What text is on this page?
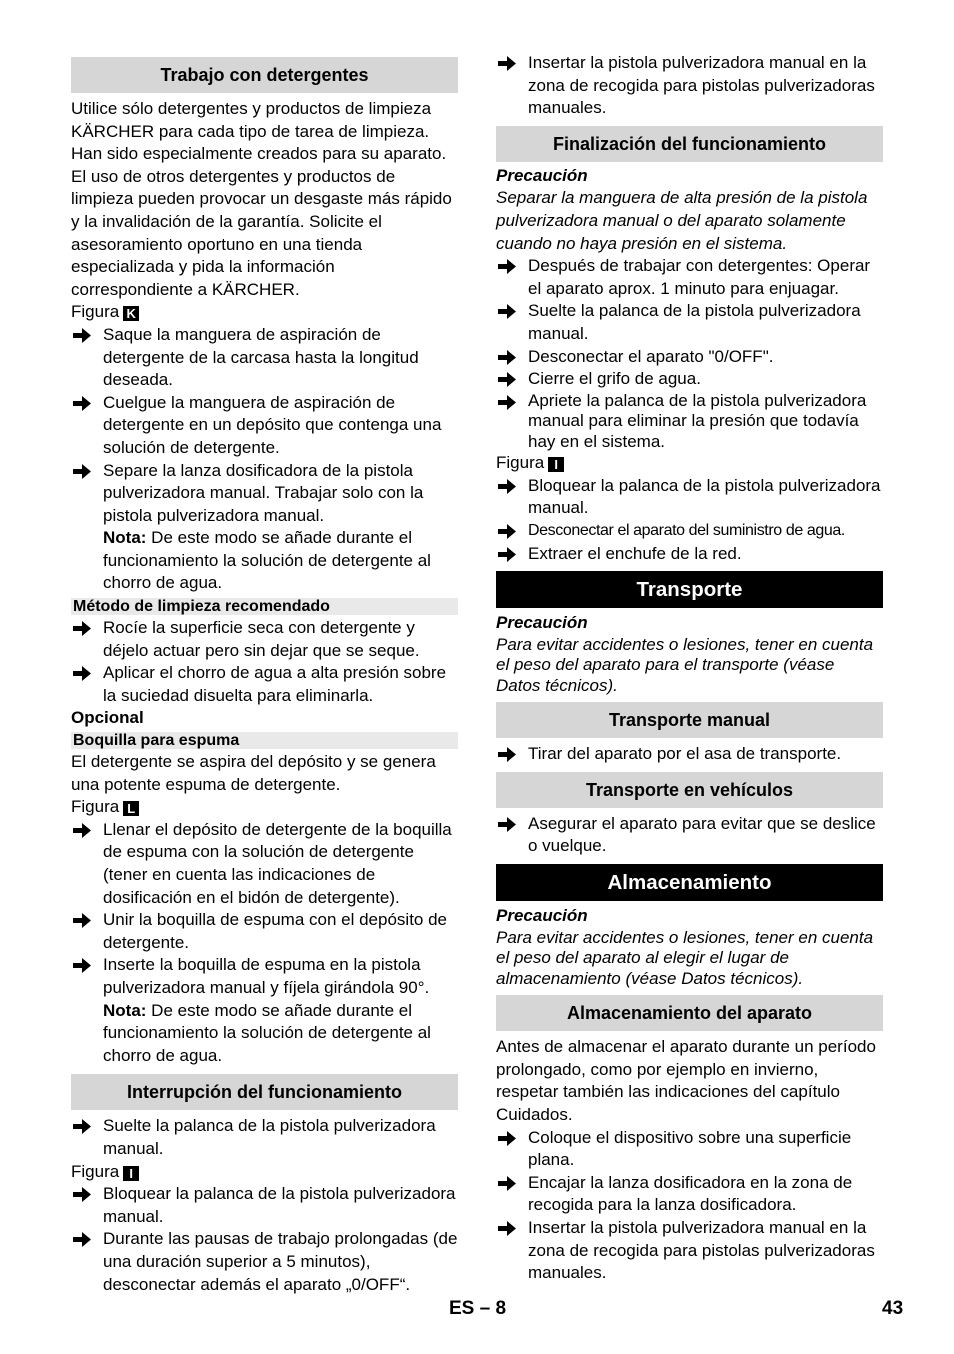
Trabajo con detergentes

Utilice sólo detergentes y productos de limpieza KÄRCHER para cada tipo de tarea de limpieza. Han sido especialmente creados para su aparato. El uso de otros detergentes y productos de limpieza pueden provocar un desgaste más rápido y la invalidación de la garantía. Solicite el asesoramiento oportuno en una tienda especializada y pida la información correspondiente a KÄRCHER.

Figura K

Saque la manguera de aspiración de detergente de la carcasa hasta la longitud deseada.
Cuelgue la manguera de aspiración de detergente en un depósito que contenga una solución de detergente.
Separe la lanza dosificadora de la pistola pulverizadora manual. Trabajar solo con la pistola pulverizadora manual.

Nota: De este modo se añade durante el funcionamiento la solución de detergente al chorro de agua.

Método de limpieza recomendado
Rocíe la superficie seca con detergente y déjelo actuar pero sin dejar que se seque.
Aplicar el chorro de agua a alta presión sobre la suciedad disuelta para eliminarla.

Opcional

Boquilla para espuma

El detergente se aspira del depósito y se genera una potente espuma de detergente.

Figura L

Llenar el depósito de detergente de la boquilla de espuma con la solución de detergente (tener en cuenta las indicaciones de dosificación en el bidón de detergente).
Unir la boquilla de espuma con el depósito de detergente.
Inserte la boquilla de espuma en la pistola pulverizadora manual y fíjela girándola 90°.

Nota: De este modo se añade durante el funcionamiento la solución de detergente al chorro de agua.

Interrupción del funcionamiento
Suelte la palanca de la pistola pulverizadora manual.

Figura I

Bloquear la palanca de la pistola pulverizadora manual.
Durante las pausas de trabajo prolongadas (de una duración superior a 5 minutos), desconectar además el aparato „0/OFF“.
Insertar la pistola pulverizadora manual en la zona de recogida para pistolas pulverizadoras manuales.
Finalización del funcionamiento

Precaución

Separar la manguera de alta presión de la pistola pulverizadora manual o del aparato solamente cuando no haya presión en el sistema.

Después de trabajar con detergentes: Operar el aparato aprox. 1 minuto para enjuagar.
Suelte la palanca de la pistola pulverizadora manual.
Desconectar el aparato "0/OFF".
Cierre el grifo de agua.
Apriete la palanca de la pistola pulverizadora manual para eliminar la presión que todavía hay en el sistema.

Figura I

Bloquear la palanca de la pistola pulverizadora manual.
Desconectar el aparato del suministro de agua.
Extraer el enchufe de la red.
Transporte

Precaución

Para evitar accidentes o lesiones, tener en cuenta el peso del aparato para el transporte (véase Datos técnicos).

Transporte manual
Tirar del aparato por el asa de transporte.
Transporte en vehículos
Asegurar el aparato para evitar que se deslice o vuelque.
Almacenamiento

Precaución

Para evitar accidentes o lesiones, tener en cuenta el peso del aparato al elegir el lugar de almacenamiento (véase Datos técnicos).

Almacenamiento del aparato

Antes de almacenar el aparato durante un período prolongado, como por ejemplo en invierno, respetar también las indicaciones del capítulo Cuidados.

Coloque el dispositivo sobre una superficie plana.
Encajar la lanza dosificadora en la zona de recogida para la lanza dosificadora.
Insertar la pistola pulverizadora manual en la zona de recogida para pistolas pulverizadoras manuales.
ES – 8	43
